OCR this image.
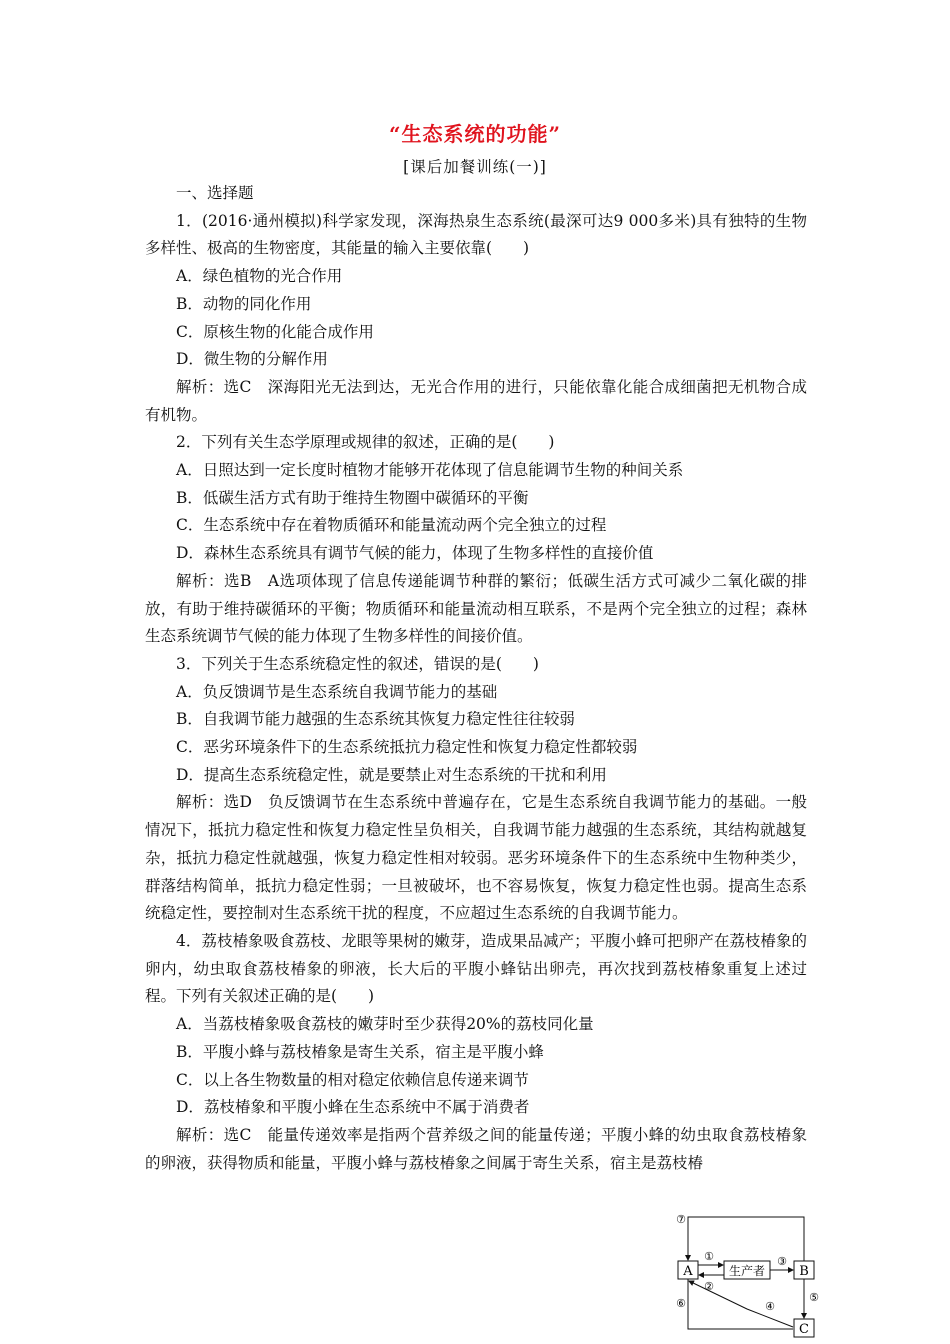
“生态系统的功能”
[课后加餐训练(一)]

一、选择题

1．(2016·通州模拟)科学家发现，深海热泉生态系统(最深可达9 000多米)具有独特的生物多样性、极高的生物密度，其能量的输入主要依靠(　　)

A．绿色植物的光合作用

B．动物的同化作用

C．原核生物的化能合成作用

D．微生物的分解作用

解析：选C　深海阳光无法到达，无光合作用的进行，只能依靠化能合成细菌把无机物合成有机物。

2．下列有关生态学原理或规律的叙述，正确的是(　　)

A．日照达到一定长度时植物才能够开花体现了信息能调节生物的种间关系

B．低碳生活方式有助于维持生物圈中碳循环的平衡

C．生态系统中存在着物质循环和能量流动两个完全独立的过程

D．森林生态系统具有调节气候的能力，体现了生物多样性的直接价值

解析：选B　A选项体现了信息传递能调节种群的繁衍；低碳生活方式可减少二氧化碳的排放，有助于维持碳循环的平衡；物质循环和能量流动相互联系，不是两个完全独立的过程；森林生态系统调节气候的能力体现了生物多样性的间接价值。

3．下列关于生态系统稳定性的叙述，错误的是(　　)

A．负反馈调节是生态系统自我调节能力的基础

B．自我调节能力越强的生态系统其恢复力稳定性往往较弱

C．恶劣环境条件下的生态系统抵抗力稳定性和恢复力稳定性都较弱

D．提高生态系统稳定性，就是要禁止对生态系统的干扰和利用

解析：选D　负反馈调节在生态系统中普遍存在，它是生态系统自我调节能力的基础。一般情况下，抵抗力稳定性和恢复力稳定性呈负相关，自我调节能力越强的生态系统，其结构就越复杂，抵抗力稳定性就越强，恢复力稳定性相对较弱。恶劣环境条件下的生态系统中生物种类少，群落结构简单，抵抗力稳定性弱；一旦被破坏，也不容易恢复，恢复力稳定性也弱。提高生态系统稳定性，要控制对生态系统干扰的程度，不应超过生态系统的自我调节能力。

4．荔枝椿象吸食荔枝、龙眼等果树的嫩芽，造成果品减产；平腹小蜂可把卵产在荔枝椿象的卵内，幼虫取食荔枝椿象的卵液，长大后的平腹小蜂钻出卵壳，再次找到荔枝椿象重复上述过程。下列有关叙述正确的是(　　)

A．当荔枝椿象吸食荔枝的嫩芽时至少获得20%的荔枝同化量

B．平腹小蜂与荔枝椿象是寄生关系，宿主是平腹小蜂

C．以上各生物数量的相对稳定依赖信息传递来调节

D．荔枝椿象和平腹小蜂在生态系统中不属于消费者

解析：选C　能量传递效率是指两个营养级之间的能量传递；平腹小蜂的幼虫取食荔枝椿象的卵液，获得物质和能量，平腹小蜂与荔枝椿象之间属于寄生关系，宿主是荔枝椿

A	生产者	B
C
①
②
③
④
⑤
⑥
⑦
